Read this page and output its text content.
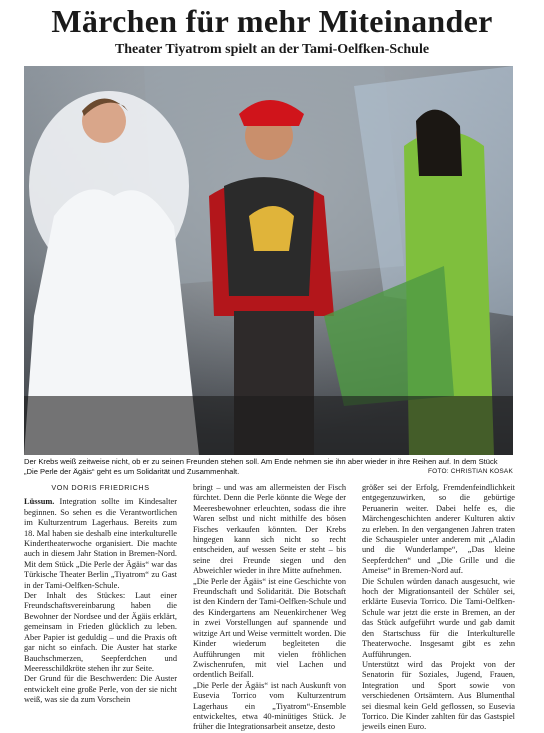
Märchen für mehr Miteinander
Theater Tiyatrom spielt an der Tami-Oelfken-Schule
Der Krebs weiß zeitweise nicht, ob er zu seinen Freunden stehen soll. Am Ende nehmen sie ihn aber wieder in ihre Reihen auf. In dem Stück „Die Perle der Ägäis“ geht es um Solidarität und Zusammenhalt.	FOTO: CHRISTIAN KOSAK
VON DORIS FRIEDRICHS

Lüssum. Integration sollte im Kindesalter beginnen. So sehen es die Verantwortlichen im Kulturzentrum Lagerhaus. Bereits zum 18. Mal haben sie deshalb eine interkulturelle Kindertheaterwoche organisiert. Die machte auch in diesem Jahr Station in Bremen-Nord. Mit dem Stück „Die Perle der Ägäis“ war das Türkische Theater Berlin „Tiyatrom“ zu Gast in der Tami-Oelfken-Schule.

Der Inhalt des Stückes: Laut einer Freundschaftsvereinbarung haben die Bewohner der Nordsee und der Ägäis erklärt, gemeinsam in Frieden glücklich zu leben. Aber Papier ist geduldig – und die Praxis oft gar nicht so einfach. Die Auster hat starke Bauchschmerzen, Seepferdchen und Meeresschildkröte stehen ihr zur Seite.

Der Grund für die Beschwerden: Die Auster entwickelt eine große Perle, von der sie nicht weiß, was sie da zum Vorschein

bringt – und was am allermeisten der Fisch fürchtet. Denn die Perle könnte die Wege der Meeresbewohner erleuchten, sodass die ihre Waren selbst und nicht mithilfe des bösen Fisches verkaufen könnten. Der Krebs hingegen kann sich nicht so recht entscheiden, auf wessen Seite er steht – bis seine drei Freunde siegen und den Abweichler wieder in ihre Mitte aufnehmen.

„Die Perle der Ägäis“ ist eine Geschichte von Freundschaft und Solidarität. Die Botschaft ist den Kindern der Tami-Oelfken-Schule und des Kindergartens am Neuenkirchener Weg in zwei Vorstellungen auf spannende und witzige Art und Weise vermittelt worden. Die Kinder wiederum begleiteten die Aufführungen mit vielen fröhlichen Zwischenrufen, mit viel Lachen und ordentlich Beifall.

„Die Perle der Ägäis“ ist nach Auskunft von Eusevia Torrico vom Kulturzentrum Lagerhaus ein „Tiyatrom“-Ensemble entwickeltes, etwa 40-minütiges Stück. Je früher die Integrationsarbeit ansetze, desto

größer sei der Erfolg, Fremdenfeindlichkeit entgegenzuwirken, so die gebürtige Peruanerin weiter. Dabei helfe es, die Märchengeschichten anderer Kulturen aktiv zu erleben. In den vergangenen Jahren traten die Schauspieler unter anderem mit „Aladin und die Wunderlampe“, „Das kleine Seepferdchen“ und „Die Grille und die Ameise“ in Bremen-Nord auf.

Die Schulen würden danach ausgesucht, wie hoch der Migrationsanteil der Schüler sei, erklärte Eusevia Torrico. Die Tami-Oelfken-Schule war jetzt die erste in Bremen, an der das Stück aufgeführt wurde und gab damit den Startschuss für die Interkulturelle Theaterwoche. Insgesamt gibt es zehn Aufführungen.

Unterstützt wird das Projekt von der Senatorin für Soziales, Jugend, Frauen, Integration und Sport sowie von verschiedenen Ortsämtern. Aus Blumenthal sei diesmal kein Geld geflossen, so Eusevia Torrico. Die Kinder zahlten für das Gastspiel jeweils einen Euro.
